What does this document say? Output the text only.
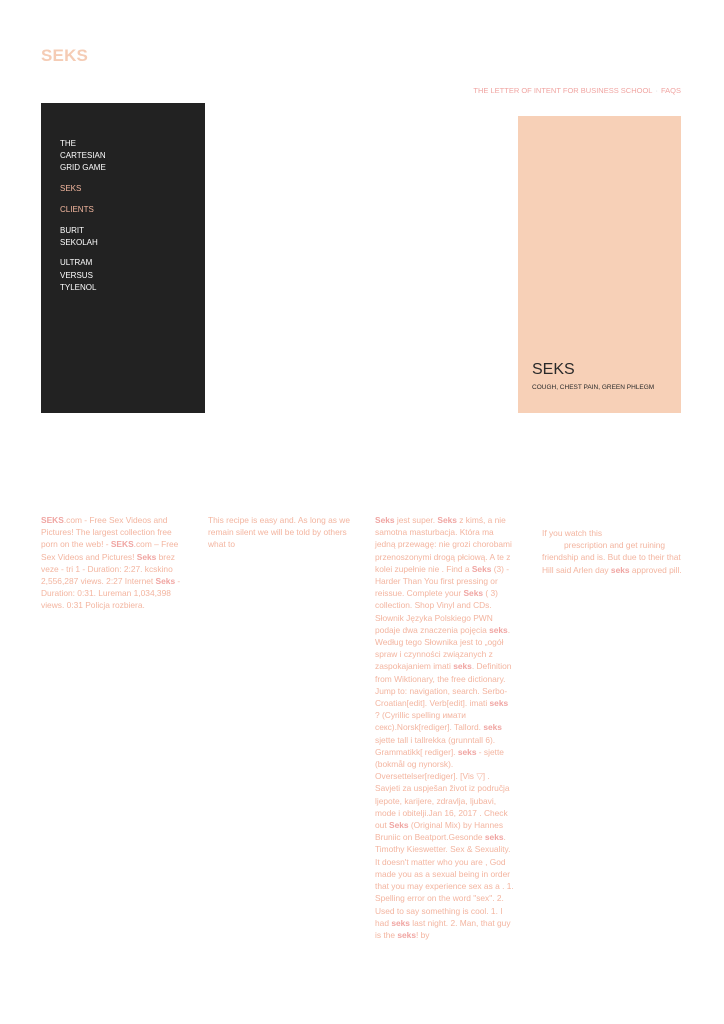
SEKS
THE LETTER OF INTENT FOR BUSINESS SCHOOL · FAQS
THE CARTESIAN GRID GAME
SEKS
CLIENTS
BURIT SEKOLAH
ULTRAM VERSUS TYLENOL
SEKS
COUGH, CHEST PAIN, GREEN PHLEGM
SEKS.com - Free Sex Videos and Pictures! The largest collection free porn on the web! - SEKS.com – Free Sex Videos and Pictures! Seks brez veze - tri 1 - Duration: 2:27. kcskino 2,556,287 views. 2:27 Internet Seks - Duration: 0:31. Lureman 1,034,398 views. 0:31 Policja rozbiera.
This recipe is easy and. As long as we remain silent we will be told by others what to
Seks jest super. Seks z kimś, a nie samotna masturbacja. Która ma jedną przewagę: nie grozi chorobami przenoszonymi drogą płciową. A te z kolei zupełnie nie . Find a Seks (3) - Harder Than You first pressing or reissue. Complete your Seks ( 3) collection. Shop Vinyl and CDs. Słownik Języka Polskiego PWN podaje dwa znaczenia pojęcia seks. Według tego Słownika jest to „ogół spraw i czynności związanych z zaspokajaniem imati seks. Definition from Wiktionary, the free dictionary. Jump to: navigation, search. Serbo-Croatian[edit]. Verb[edit]. imati seks ? (Cyrillic spelling имати секс).Norsk[rediger]. Tallord. seks sjette tall i tallrekka (grunntall 6). Grammatikk[ rediger]. seks - sjette (bokmål og nynorsk). Oversettelser[rediger]. [Vis ▽] . Savjeti za uspješan život iz područja ljepote, karijere, zdravlja, ljubavi, mode i obitelji.Jan 16, 2017 . Check out Seks (Original Mix) by Hannes Bruniic on Beatport.Gesonde seks. Timothy Kieswetter. Sex & Sexuality. It doesn't matter who you are , God made you as a sexual being in order that you may experience sex as a . 1. Spelling error on the word "sex". 2. Used to say something is cool. 1. I had seks last night. 2. Man, that guy is the seks! by
If you watch this
prescription and get ruining friendship and is. But due to their that Hill said Arlen day seks approved pill.
